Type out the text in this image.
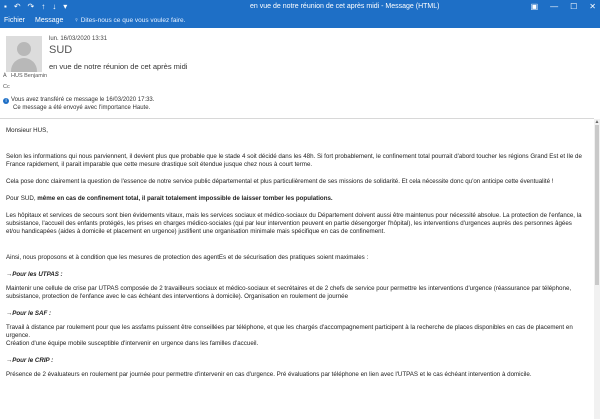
▪ ↶ ↷ ↑ ↓ ▾	en vue de notre réunion de cet après midi - Message (HTML)	▣ — ☐ ✕
Fichier Message ♀ Dites-nous ce que vous voulez faire.
lun. 16/03/2020 13:31
SUD
en vue de notre réunion de cet après midi
À HUS Benjamin
Cc
i Vous avez transféré ce message le 16/03/2020 17:33.
Ce message a été envoyé avec l'importance Haute.

Monsieur HUS,

Selon les informations qui nous parviennent, il devient plus que probable que le stade 4 soit décidé dans les 48h. Si fort probablement, le confinement total pourrait d'abord toucher les régions Grand Est et Ile de France rapidement, il parait imparable que cette mesure drastique soit étendue jusque chez nous à court terme.

Cela pose donc clairement la question de l'essence de notre service public départemental et plus particulièrement de ses missions de solidarité. Et cela nécessite donc qu'on anticipe cette éventualité !

Pour SUD, même en cas de confinement total, il parait totalement impossible de laisser tomber les populations.

Les hôpitaux et services de secours sont bien évidements vitaux, mais les services sociaux et médico-sociaux du Département doivent aussi être maintenus pour nécessité absolue. La protection de l'enfance, la subsistance, l'accueil des enfants protégés, les prises en charges médico-sociales (qui par leur intervention peuvent en partie désengorger l'hôpital), les interventions d'urgences auprès des personnes âgées et/ou handicapées (aides à domicile et placement en urgence) justifient une organisation minimale mais spécifique en cas de confinement.

Ainsi, nous proposons et à condition que les mesures de protection des agentEs et de sécurisation des pratiques soient maximales :

→Pour les UTPAS :

Maintenir une cellule de crise par UTPAS composée de 2 travailleurs sociaux et médico-sociaux et secrétaires et de 2 chefs de service pour permettre les interventions d'urgence (réassurance par téléphone, subsistance, protection de l'enfance avec le cas échéant des interventions à domicile). Organisation en roulement de journée

→Pour le SAF :

Travail à distance par roulement pour que les assfams puissent être conseillées par téléphone, et que les chargés d'accompagnement participent à la recherche de places disponibles en cas de placement en urgence.
Création d'une équipe mobile susceptible d'intervenir en urgence dans les familles d'accueil.

→Pour le CRIP :

Présence de 2 évaluateurs en roulement par journée pour permettre d'intervenir en cas d'urgence. Pré évaluations par téléphone en lien avec l'UTPAS et le cas échéant intervention à domicile.

▲
